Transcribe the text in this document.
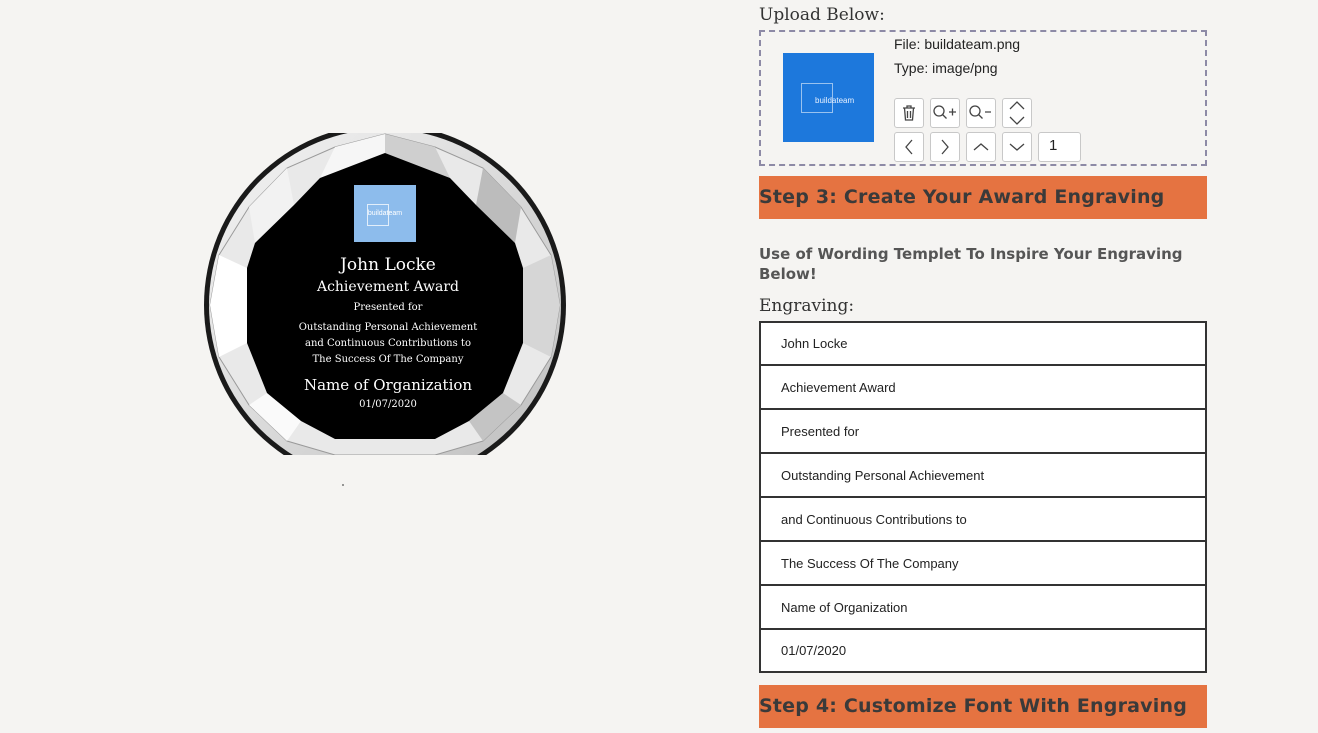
buildateam
John Locke
Achievement Award
Presented for
Outstanding Personal Achievement
and Continuous Contributions to
The Success Of The Company
Name of Organization
01/07/2020
Upload Below:
buildateam
File: buildateam.png
Type: image/png
1
Step 3: Create Your Award Engraving
Use of Wording Templet To Inspire Your Engraving Below!
Engraving:
John Locke
Achievement Award
Presented for
Outstanding Personal Achievement
and Continuous Contributions to
The Success Of The Company
Name of Organization
01/07/2020
Step 4: Customize Font With Engraving
